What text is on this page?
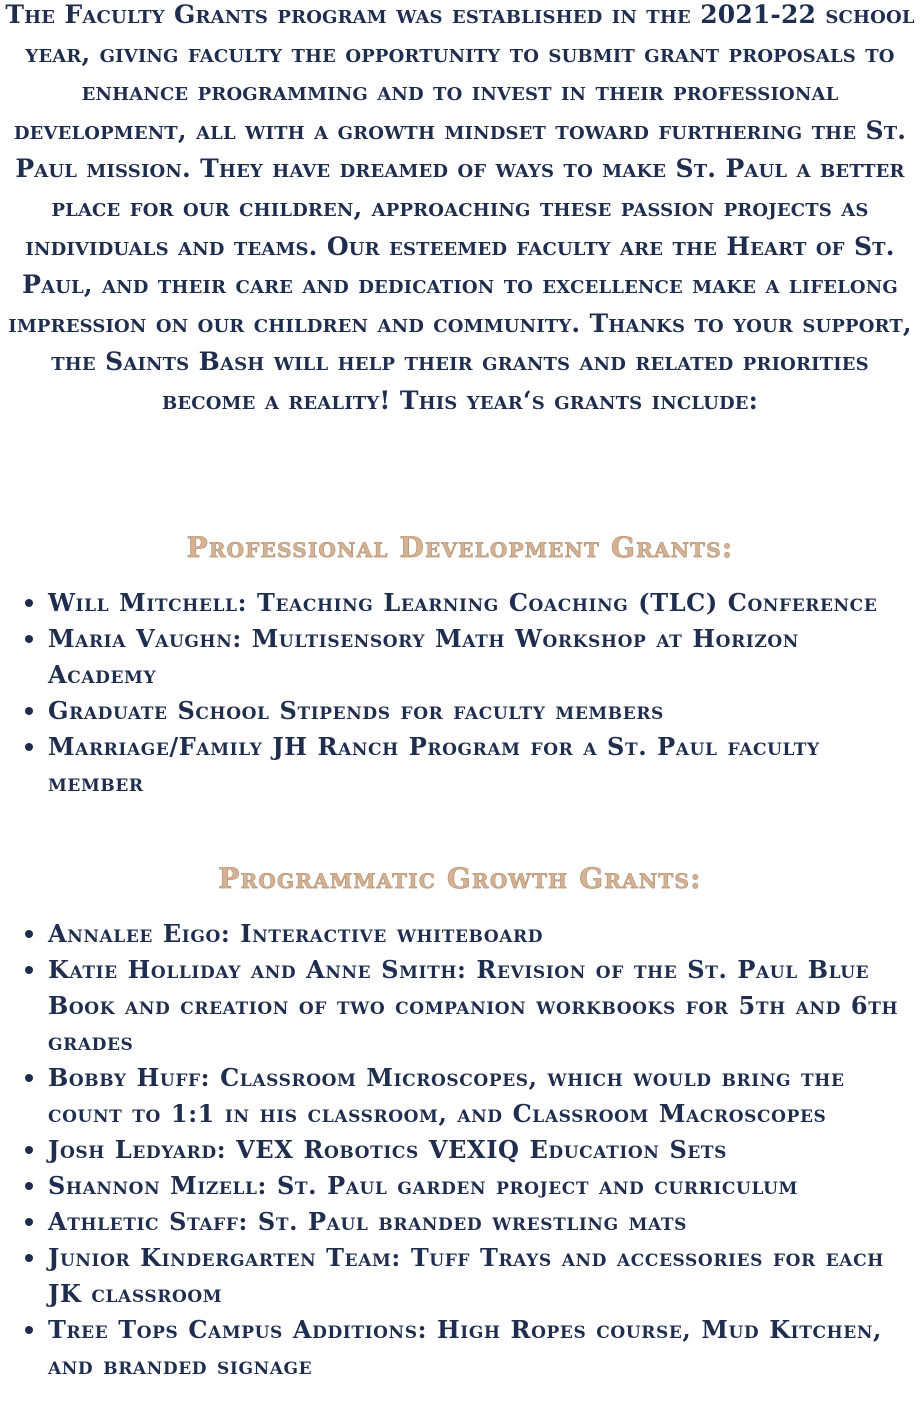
The Faculty Grants program was established in the 2021-22 school year, giving faculty the opportunity to submit grant proposals to enhance programming and to invest in their professional development, all with a growth mindset toward furthering the St. Paul mission. They have dreamed of ways to make St. Paul a better place for our children, approaching these passion projects as individuals and teams. Our esteemed faculty are the Heart of St. Paul, and their care and dedication to excellence make a lifelong impression on our children and community. Thanks to your support, the Saints Bash will help their grants and related priorities become a reality! This year‘s grants include:

Professional Development Grants:
Will Mitchell: Teaching Learning Coaching (TLC) Conference
Maria Vaughn: Multisensory Math Workshop at Horizon Academy
Graduate School Stipends for faculty members
Marriage/Family JH Ranch Program for a St. Paul faculty member
Programmatic Growth Grants:
Annalee Eigo: Interactive whiteboard
Katie Holliday and Anne Smith: Revision of the St. Paul Blue Book and creation of two companion workbooks for 5th and 6th grades
Bobby Huff: Classroom Microscopes, which would bring the count to 1:1 in his classroom, and Classroom Macroscopes
Josh Ledyard: VEX Robotics VEXIQ Education Sets
Shannon Mizell: St. Paul garden project and curriculum
Athletic Staff: St. Paul branded wrestling mats
Junior Kindergarten Team: Tuff Trays and accessories for each JK classroom
Tree Tops Campus Additions: High Ropes course, Mud Kitchen, and branded signage
